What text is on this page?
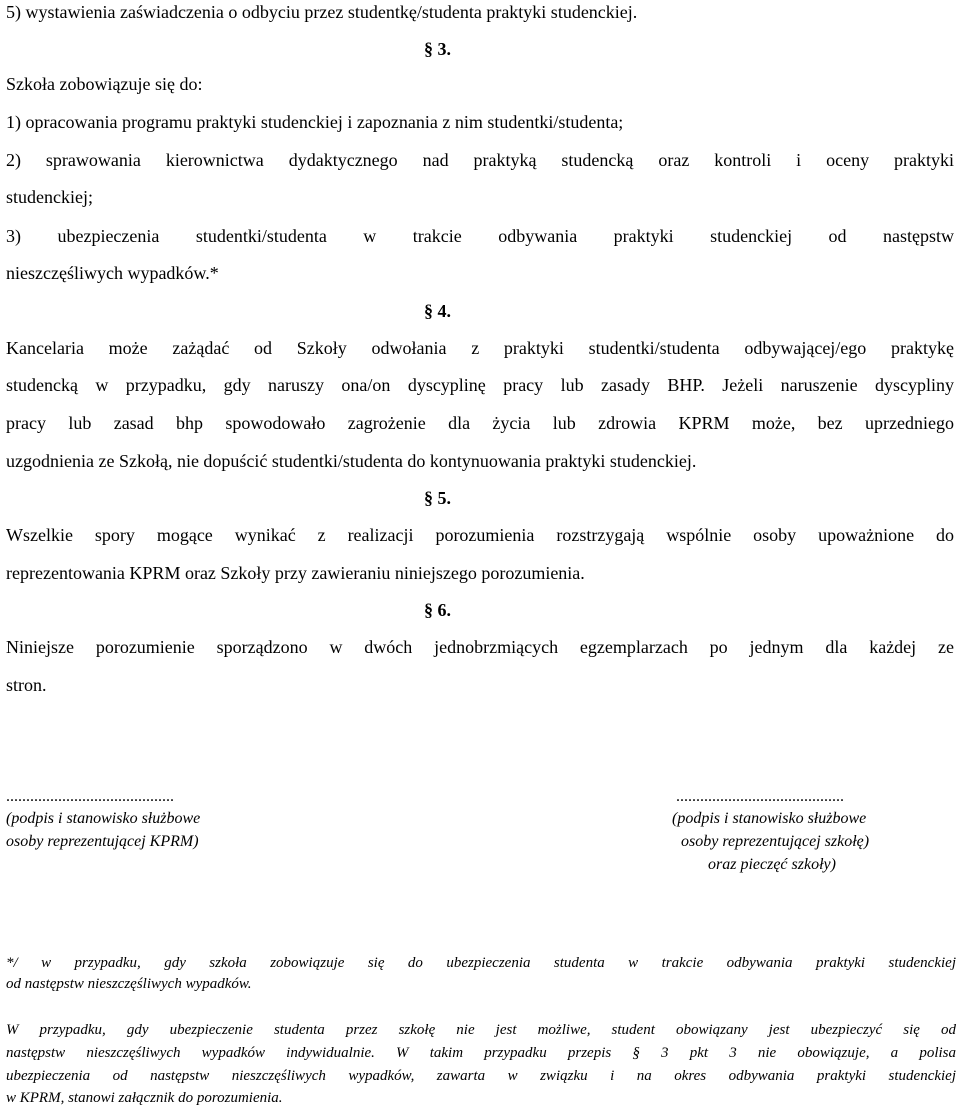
5) wystawienia zaświadczenia o odbyciu przez studentkę/studenta praktyki studenckiej.
§ 3.
Szkoła zobowiązuje się do:
1) opracowania programu praktyki studenckiej i zapoznania z nim studentki/studenta;
2) sprawowania kierownictwa dydaktycznego nad praktyką studencką oraz kontroli i oceny praktyki
studenckiej;
3) ubezpieczenia studentki/studenta w trakcie odbywania praktyki studenckiej od następstw
nieszczęśliwych wypadków.*
§ 4.
Kancelaria może zażądać od Szkoły odwołania z praktyki studentki/studenta odbywającej/ego praktykę
studencką w przypadku, gdy naruszy ona/on dyscyplinę pracy lub zasady BHP. Jeżeli naruszenie dyscypliny
pracy lub zasad bhp spowodowało zagrożenie dla życia lub zdrowia KPRM może, bez uprzedniego
uzgodnienia ze Szkołą, nie dopuścić studentki/studenta do kontynuowania praktyki studenckiej.
§ 5.
Wszelkie spory mogące wynikać z realizacji porozumienia rozstrzygają wspólnie osoby upoważnione do
reprezentowania KPRM oraz Szkoły przy zawieraniu niniejszego porozumienia.
§ 6.
Niniejsze porozumienie sporządzono w dwóch jednobrzmiących egzemplarzach po jednym dla każdej ze
stron.
..........................................
(podpis i stanowisko służbowe
osoby reprezentującej KPRM)
..........................................
(podpis i stanowisko służbowe
osoby reprezentującej szkołę)
oraz pieczęć szkoły)
*/ w przypadku, gdy szkoła zobowiązuje się do ubezpieczenia studenta w trakcie odbywania praktyki studenckiej
od następstw nieszczęśliwych wypadków.
W przypadku, gdy ubezpieczenie studenta przez szkołę nie jest możliwe, student obowiązany jest ubezpieczyć się od
następstw nieszczęśliwych wypadków indywidualnie. W takim przypadku przepis § 3 pkt 3 nie obowiązuje, a polisa
ubezpieczenia od następstw nieszczęśliwych wypadków, zawarta w związku i na okres odbywania praktyki studenckiej
w KPRM, stanowi załącznik do porozumienia.
